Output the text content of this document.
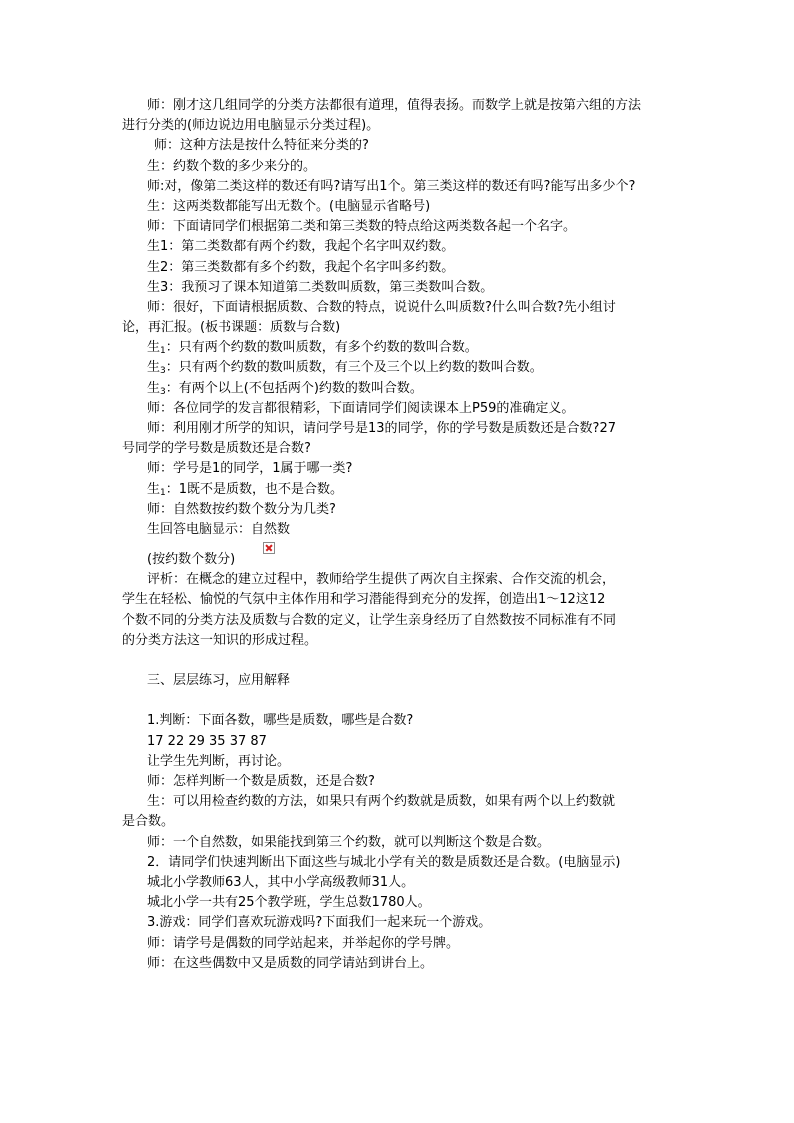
师：刚才这几组同学的分类方法都很有道理，值得表扬。而数学上就是按第六组的方法
进行分类的(师边说边用电脑显示分类过程)。
师：这种方法是按什么特征来分类的?
生：约数个数的多少来分的。
师:对，像第二类这样的数还有吗?请写出1个。第三类这样的数还有吗?能写出多少个?
生：这两类数都能写出无数个。(电脑显示省略号)
师：下面请同学们根据第二类和第三类数的特点给这两类数各起一个名字。
生1：第二类数都有两个约数，我起个名字叫双约数。
生2：第三类数都有多个约数，我起个名字叫多约数。
生3：我预习了课本知道第二类数叫质数，第三类数叫合数。
师：很好，下面请根据质数、合数的特点，说说什么叫质数?什么叫合数?先小组讨
论，再汇报。(板书课题：质数与合数)
生$_1$：只有两个约数的数叫质数，有多个约数的数叫合数。
生$_3$：只有两个约数的数叫质数，有三个及三个以上约数的数叫合数。
生$_3$：有两个以上(不包括两个)约数的数叫合数。
师：各位同学的发言都很精彩，下面请同学们阅读课本上P59的准确定义。
师：利用刚才所学的知识，请问学号是13的同学，你的学号数是质数还是合数?27
号同学的学号数是质数还是合数?
师：学号是1的同学，1属于哪一类?
生$_1$：1既不是质数，也不是合数。
师：自然数按约数个数分为几类?
生回答电脑显示：自然数
(按约数个数分)
评析：在概念的建立过程中，教师给学生提供了两次自主探索、合作交流的机会，
学生在轻松、愉悦的气氛中主体作用和学习潜能得到充分的发挥，创造出1～12这12
个数不同的分类方法及质数与合数的定义，让学生亲身经历了自然数按不同标准有不同
的分类方法这一知识的形成过程。
三、层层练习，应用解释
1.判断：下面各数，哪些是质数，哪些是合数?
17 22 29 35 37 87
让学生先判断，再讨论。
师：怎样判断一个数是质数，还是合数?
生：可以用检查约数的方法，如果只有两个约数就是质数，如果有两个以上约数就
是合数。
师：一个自然数，如果能找到第三个约数，就可以判断这个数是合数。
2．请同学们快速判断出下面这些与城北小学有关的数是质数还是合数。(电脑显示)
城北小学教师63人，其中小学高级教师31人。
城北小学一共有25个教学班，学生总数1780人。
3.游戏：同学们喜欢玩游戏吗?下面我们一起来玩一个游戏。
师：请学号是偶数的同学站起来，并举起你的学号牌。
师：在这些偶数中又是质数的同学请站到讲台上。
